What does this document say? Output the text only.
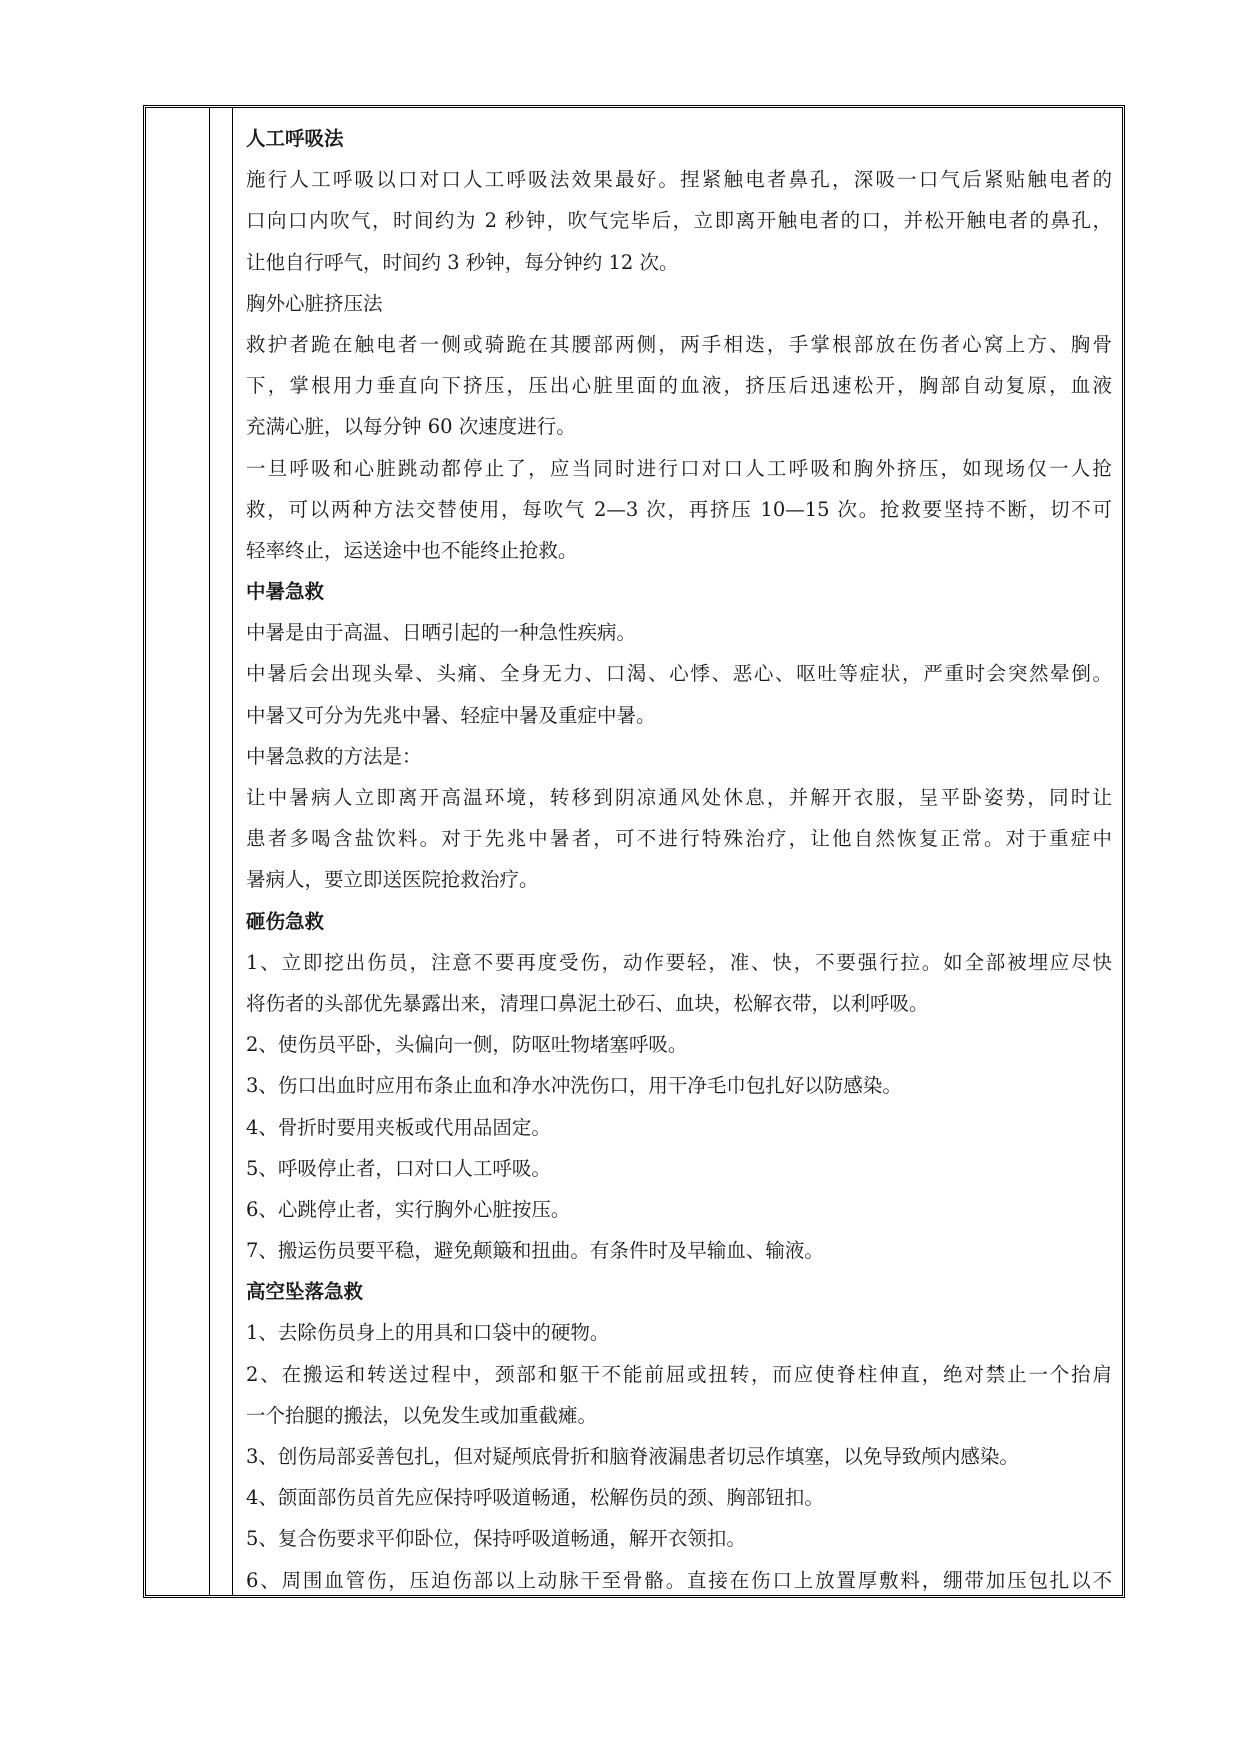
人工呼吸法
施行人工呼吸以口对口人工呼吸法效果最好。捏紧触电者鼻孔，深吸一口气后紧贴触电者的
口向口内吹气，时间约为 2 秒钟，吹气完毕后，立即离开触电者的口，并松开触电者的鼻孔，
让他自行呼气，时间约 3 秒钟，每分钟约 12 次。
胸外心脏挤压法
救护者跪在触电者一侧或骑跪在其腰部两侧，两手相迭，手掌根部放在伤者心窝上方、胸骨
下，掌根用力垂直向下挤压，压出心脏里面的血液，挤压后迅速松开，胸部自动复原，血液
充满心脏，以每分钟 60 次速度进行。
一旦呼吸和心脏跳动都停止了，应当同时进行口对口人工呼吸和胸外挤压，如现场仅一人抢
救，可以两种方法交替使用，每吹气 2—3 次，再挤压 10—15 次。抢救要坚持不断，切不可
轻率终止，运送途中也不能终止抢救。
中暑急救
中暑是由于高温、日晒引起的一种急性疾病。
中暑后会出现头晕、头痛、全身无力、口渴、心悸、恶心、呕吐等症状，严重时会突然晕倒。
中暑又可分为先兆中暑、轻症中暑及重症中暑。
中暑急救的方法是：
让中暑病人立即离开高温环境，转移到阴凉通风处休息，并解开衣服，呈平卧姿势，同时让
患者多喝含盐饮料。对于先兆中暑者，可不进行特殊治疗，让他自然恢复正常。对于重症中
暑病人，要立即送医院抢救治疗。
砸伤急救
1、立即挖出伤员，注意不要再度受伤，动作要轻，准、快，不要强行拉。如全部被埋应尽快
将伤者的头部优先暴露出来，清理口鼻泥土砂石、血块，松解衣带，以利呼吸。
2、使伤员平卧，头偏向一侧，防呕吐物堵塞呼吸。
3、伤口出血时应用布条止血和净水冲洗伤口，用干净毛巾包扎好以防感染。
4、骨折时要用夹板或代用品固定。
5、呼吸停止者，口对口人工呼吸。
6、心跳停止者，实行胸外心脏按压。
7、搬运伤员要平稳，避免颠簸和扭曲。有条件时及早输血、输液。
高空坠落急救
1、去除伤员身上的用具和口袋中的硬物。
2、在搬运和转送过程中，颈部和躯干不能前屈或扭转，而应使脊柱伸直，绝对禁止一个抬肩
一个抬腿的搬法，以免发生或加重截瘫。
3、创伤局部妥善包扎，但对疑颅底骨折和脑脊液漏患者切忌作填塞，以免导致颅内感染。
4、颌面部伤员首先应保持呼吸道畅通，松解伤员的颈、胸部钮扣。
5、复合伤要求平仰卧位，保持呼吸道畅通，解开衣领扣。
6、周围血管伤，压迫伤部以上动脉干至骨骼。直接在伤口上放置厚敷料，绷带加压包扎以不
